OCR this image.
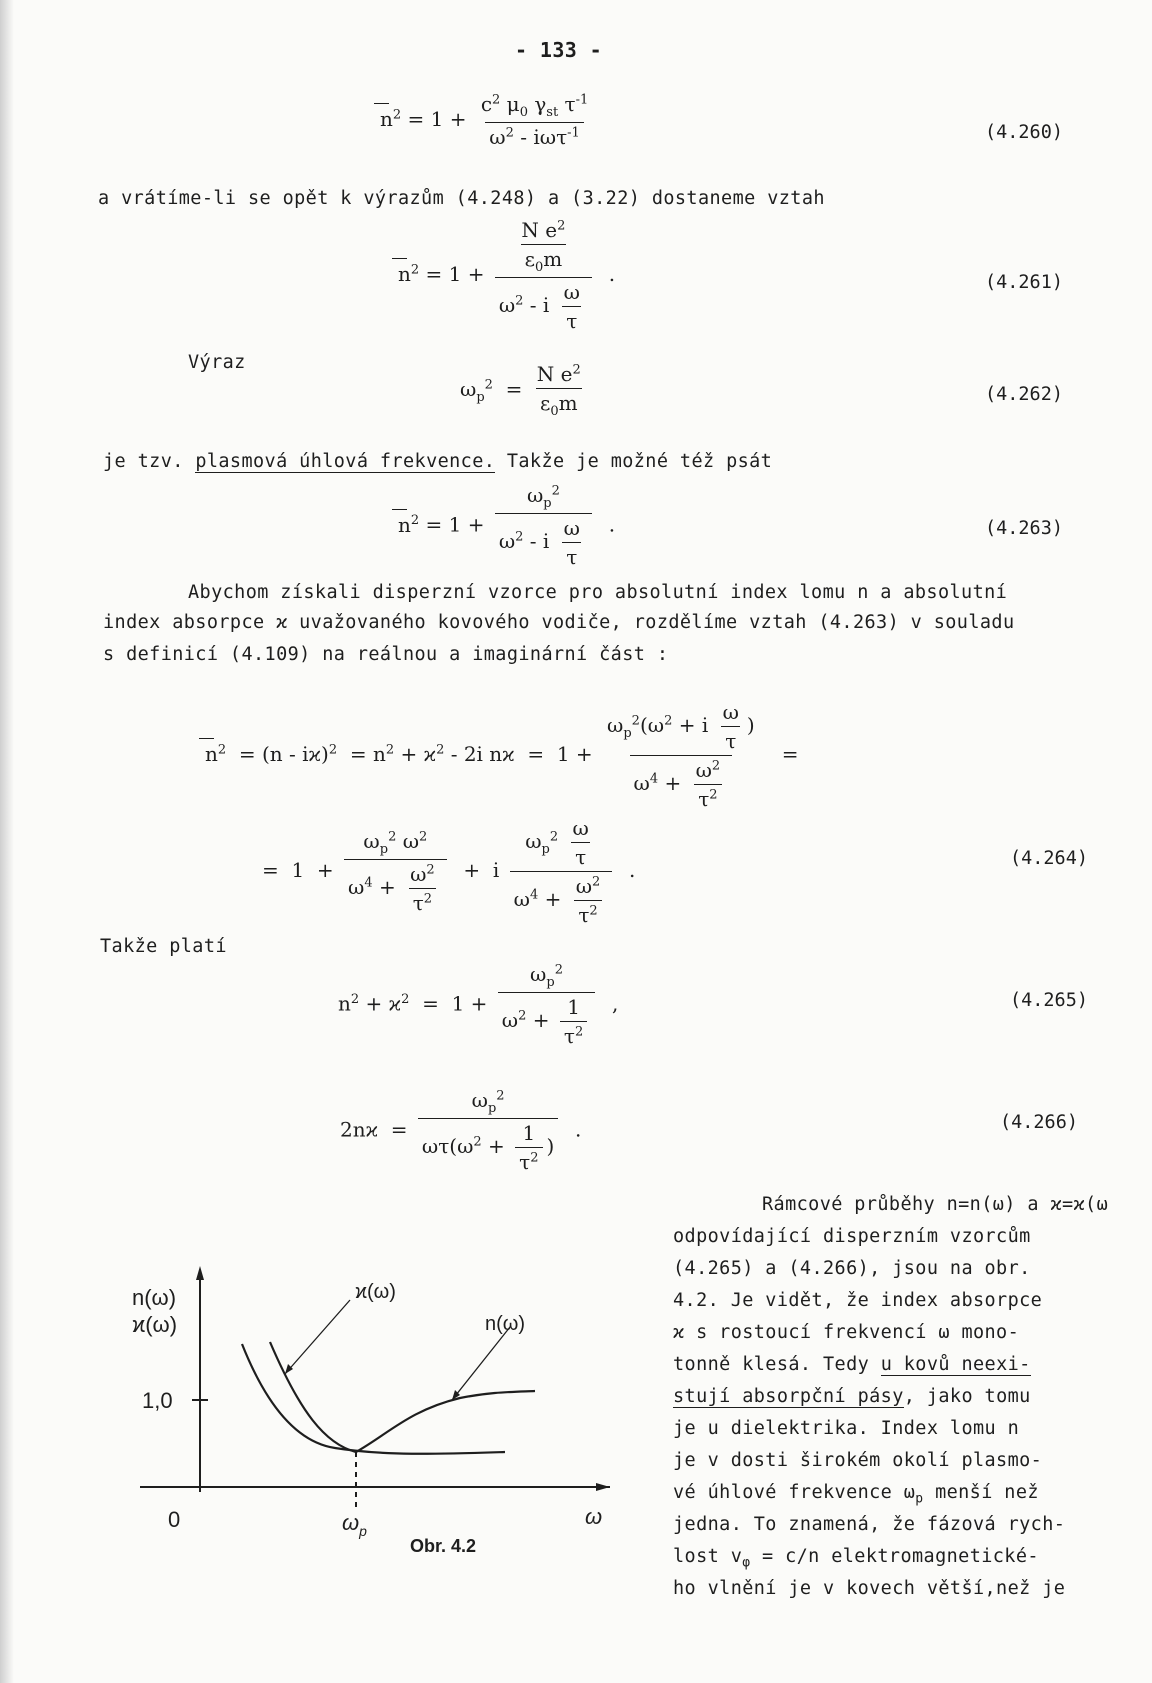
- 133 -
$n^2 = 1 + \frac{c^2 \mu_0 \gamma_{st} \tau^{-1}}{\omega^2 - i\omega\tau^{-1}}$	(4.260)
a vrátíme-li se opět k výrazům (4.248) a (3.22) dostaneme vztah
$n^2 = 1 + \frac{\frac{N e^2}{\varepsilon_0m}}{\omega^2 - i \frac{\omega}{\tau}}$ .	(4.261)
Výraz
$\omega_p^2 = \frac{N e^2}{\varepsilon_0m}$	(4.262)
je tzv. plasmová úhlová frekvence. Takže je možné též psát
$n^2 = 1 + \frac{\omega_p^2}{\omega^2 - i \frac{\omega}{\tau}}$ .	(4.263)
Abychom získali disperzní vzorce pro absolutní index lomu n a absolutní
index absorpce ϰ uvažovaného kovového vodiče, rozdělíme vztah (4.263) v souladu
s definicí (4.109) na reálnou a imaginární část :
$n^2 = (n - iϰ)^2 = n^2 + ϰ^2 - 2i$ $nϰ = 1 + \frac{\omega_p^2(\omega^2 + i \frac{\omega}{\tau} )}{\omega^4 + \frac{\omega^2}{\tau^2}}$ =
=  $1 + \frac{\omega_p^2 \omega^2}{\omega^4 + \frac{\omega^2}{\tau^2}} + i \frac{\omega_p^2 \frac{\omega}{\tau}}{\omega^4 + \frac{\omega^2}{\tau^2}}$ .	(4.264)
Takže platí
$n^2 + ϰ^2 = 1 + \frac{\omega_p^2}{\omega^2 + \frac{1}{\tau^2}}$ ,	(4.265)
$2nϰ = \frac{\omega_p^2}{\omega\tau(\omega^2 + \frac{1}{\tau^2} )}$ .	(4.266)
Rámcové průběhy n=n(ω) a ϰ=ϰ(ω
odpovídající disperzním vzorcům
(4.265) a (4.266), jsou na obr.
4.2. Je vidět, že index absorpce
ϰ s rostoucí frekvencí ω mono-
tonně klesá. Tedy u kovů neexi-
stují absorpční pásy, jako tomu
je u dielektrika. Index lomu n
je v dosti širokém okolí plasmo-
vé úhlové frekvence $\omega_p$ menší než
jedna. To znamená, že fázová rych-
lost $v_\varphi = c/n$ elektromagnetické-
ho vlnění je v kovech větší,než je
n(ω)
ϰ(ω)
ϰ(ω)
n(ω)
1,0
0	ω
$\omega_p$
Obr. 4.2
